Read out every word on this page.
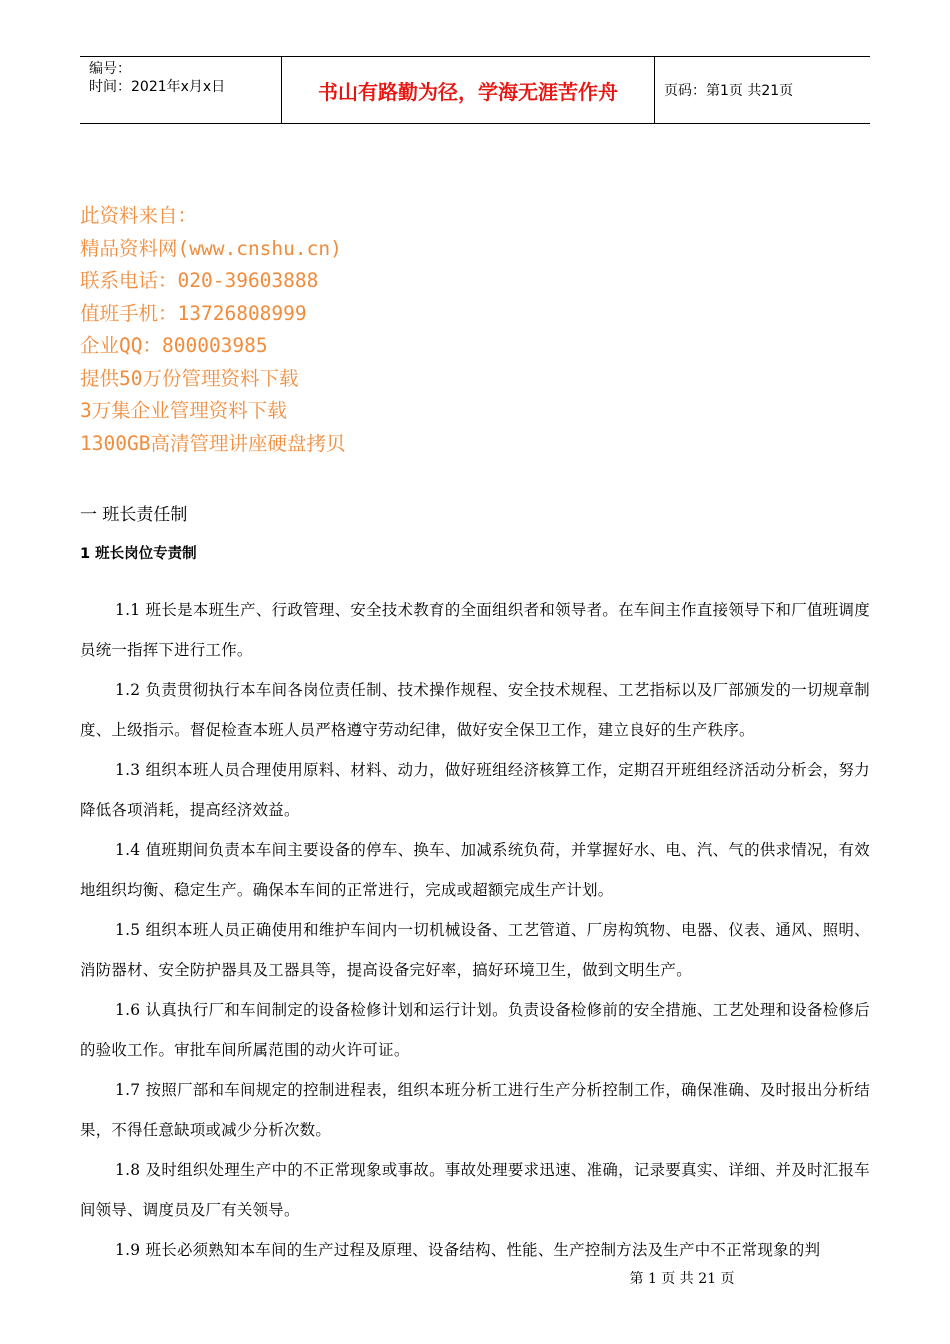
编号：
时间：2021年x月x日	书山有路勤为径，学海无涯苦作舟	页码：第1页 共21页
此资料来自：
精品资料网(www.cnshu.cn)
联系电话：020-39603888
值班手机：13726808999
企业QQ：800003985
提供50万份管理资料下载
3万集企业管理资料下载
1300GB高清管理讲座硬盘拷贝
一 班长责任制
1 班长岗位专责制
1.1 班长是本班生产、行政管理、安全技术教育的全面组织者和领导者。在车间主作直接领导下和厂值班调度员统一指挥下进行工作。
1.2 负责贯彻执行本车间各岗位责任制、技术操作规程、安全技术规程、工艺指标以及厂部颁发的一切规章制度、上级指示。督促检查本班人员严格遵守劳动纪律，做好安全保卫工作，建立良好的生产秩序。
1.3 组织本班人员合理使用原料、材料、动力，做好班组经济核算工作，定期召开班组经济活动分析会，努力降低各项消耗，提高经济效益。
1.4 值班期间负责本车间主要设备的停车、换车、加减系统负荷，并掌握好水、电、汽、气的供求情况，有效地组织均衡、稳定生产。确保本车间的正常进行，完成或超额完成生产计划。
1.5 组织本班人员正确使用和维护车间内一切机械设备、工艺管道、厂房构筑物、电器、仪表、通风、照明、消防器材、安全防护器具及工器具等，提高设备完好率，搞好环境卫生，做到文明生产。
1.6 认真执行厂和车间制定的设备检修计划和运行计划。负责设备检修前的安全措施、工艺处理和设备检修后的验收工作。审批车间所属范围的动火许可证。
1.7 按照厂部和车间规定的控制进程表，组织本班分析工进行生产分析控制工作，确保准确、及时报出分析结果，不得任意缺项或减少分析次数。
1.8 及时组织处理生产中的不正常现象或事故。事故处理要求迅速、准确，记录要真实、详细、并及时汇报车间领导、调度员及厂有关领导。
1.9 班长必须熟知本车间的生产过程及原理、设备结构、性能、生产控制方法及生产中不正常现象的判
第 1 页 共 21 页
